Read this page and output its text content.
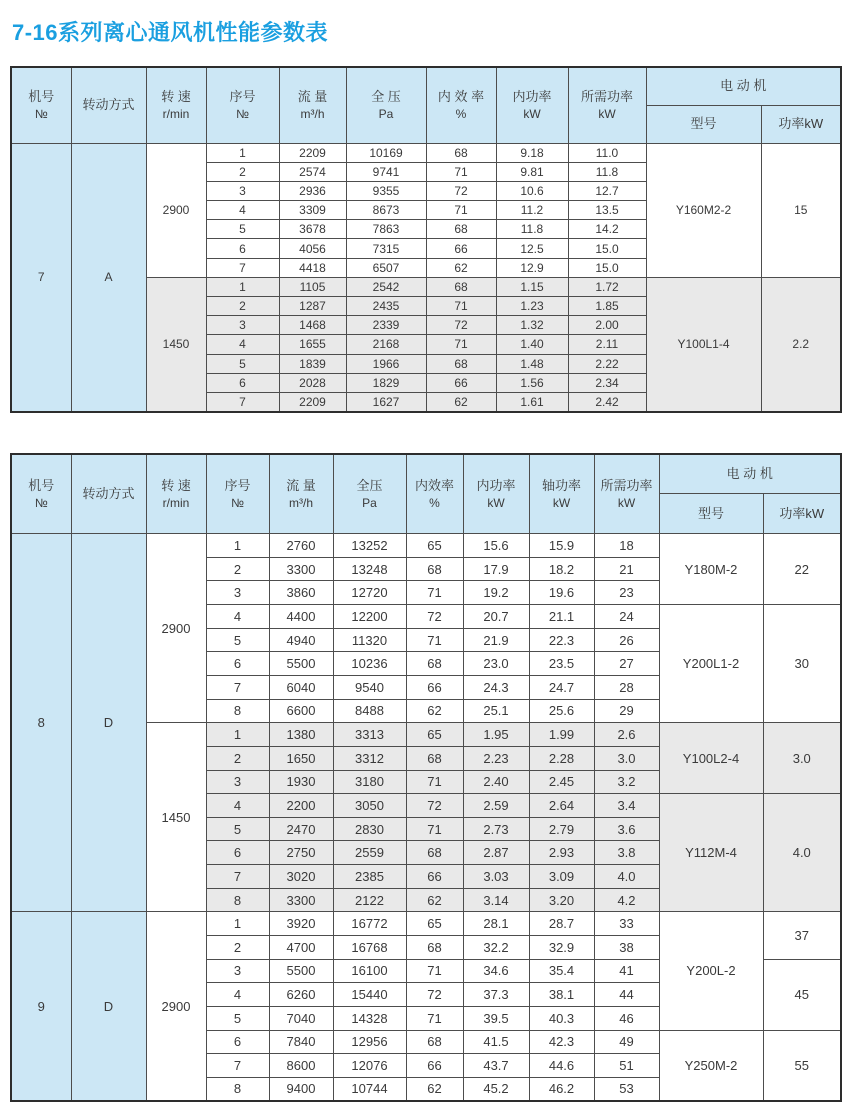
7-16系列离心通风机性能参数表
机号
№

转动方式

转 速
r/min

序号
№

流 量
m³/h

全 压
Pa

内 效 率
%

内功率
kW

所需功率
kW
	电 动 机
									型号	功率kW
7	A	2900	1	2209	10169	68	9.18	11.0	Y160M2-2	15
			2	2574	9741	71	9.81	11.8		
			3	2936	9355	72	10.6	12.7		
			4	3309	8673	71	11.2	13.5		
			5	3678	7863	68	11.8	14.2		
			6	4056	7315	66	12.5	15.0		
			7	4418	6507	62	12.9	15.0		
		1450	1	1105	2542	68	1.15	1.72	Y100L1-4	2.2
			2	1287	2435	71	1.23	1.85		
			3	1468	2339	72	1.32	2.00		
			4	1655	2168	71	1.40	2.11		
			5	1839	1966	68	1.48	2.22		
			6	2028	1829	66	1.56	2.34		
			7	2209	1627	62	1.61	2.42		
机号
№

转动方式

转 速
r/min

序号
№

流 量
m³/h

全压
Pa

内效率
%

内功率
kW

轴功率
kW

所需功率
kW
	电 动 机
										型号	功率kW
8	D	2900	1	2760	13252	65	15.6	15.9	18	Y180M-2	22
			2	3300	13248	68	17.9	18.2	21		
			3	3860	12720	71	19.2	19.6	23		
			4	4400	12200	72	20.7	21.1	24	Y200L1-2	30
			5	4940	11320	71	21.9	22.3	26		
			6	5500	10236	68	23.0	23.5	27		
			7	6040	9540	66	24.3	24.7	28		
			8	6600	8488	62	25.1	25.6	29		
		1450	1	1380	3313	65	1.95	1.99	2.6	Y100L2-4	3.0
			2	1650	3312	68	2.23	2.28	3.0		
			3	1930	3180	71	2.40	2.45	3.2		
			4	2200	3050	72	2.59	2.64	3.4	Y112M-4	4.0
			5	2470	2830	71	2.73	2.79	3.6		
			6	2750	2559	68	2.87	2.93	3.8		
			7	3020	2385	66	3.03	3.09	4.0		
			8	3300	2122	62	3.14	3.20	4.2		
9	D	2900	1	3920	16772	65	28.1	28.7	33	Y200L-2	37
			2	4700	16768	68	32.2	32.9	38		
			3	5500	16100	71	34.6	35.4	41		45
			4	6260	15440	72	37.3	38.1	44		
			5	7040	14328	71	39.5	40.3	46		
			6	7840	12956	68	41.5	42.3	49	Y250M-2	55
			7	8600	12076	66	43.7	44.6	51		
			8	9400	10744	62	45.2	46.2	53		
